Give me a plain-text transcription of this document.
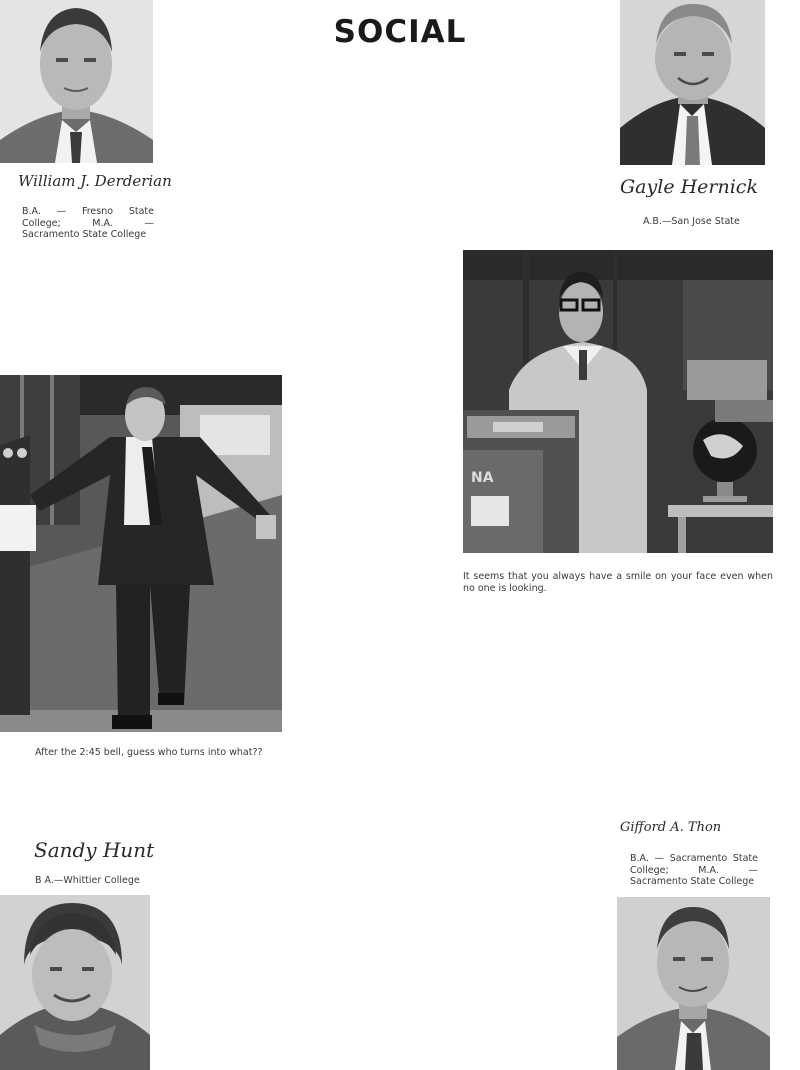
SOCIAL
William J. Derderian
B.A. — Fresno State College; M.A. — Sacramento State College
Gayle Hernick
A.B.—San Jose State
NA
It seems that you always have a smile on your face even when no one is looking.
After the 2:45 bell, guess who turns into what??
Sandy Hunt
B A.—Whittier College
Gifford A. Thon
B.A. — Sacramento State College; M.A. — Sacramento State College
